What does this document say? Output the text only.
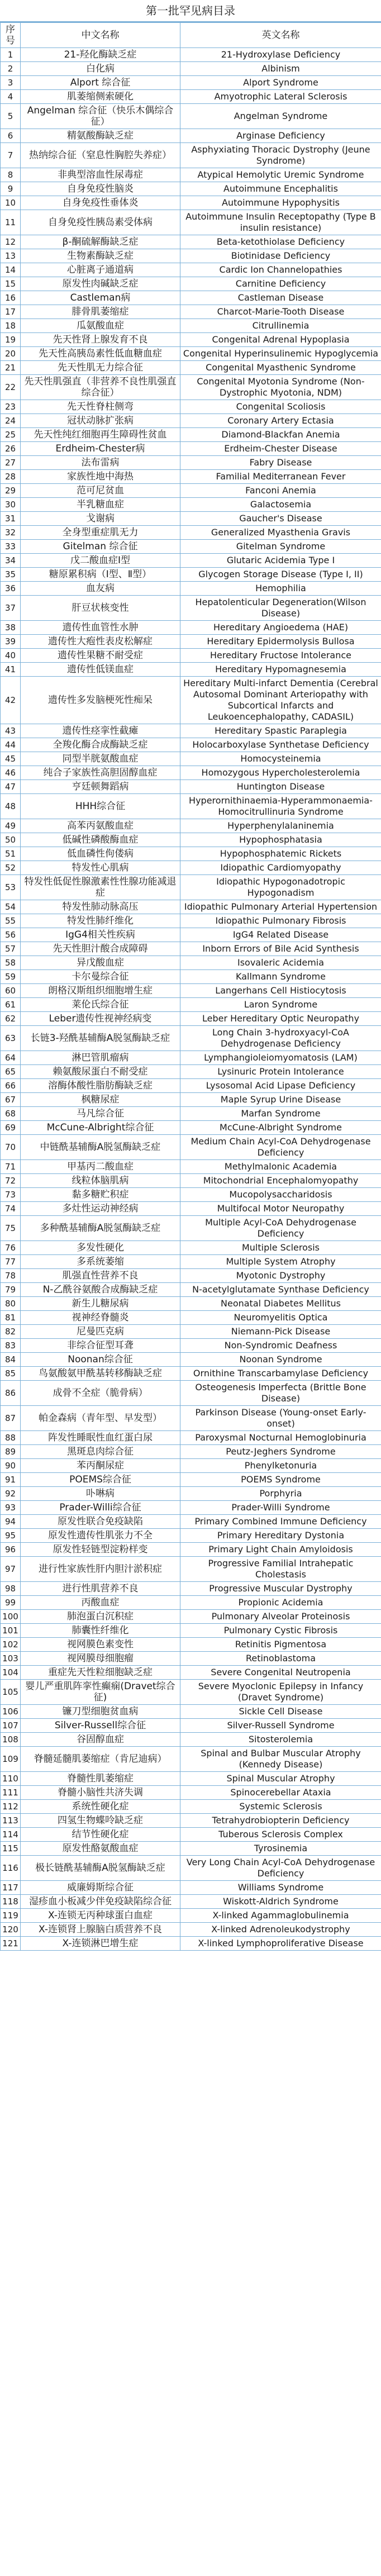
第一批罕见病目录
序号	中文名称	英文名称
1	21-羟化酶缺乏症	21-Hydroxylase Deficiency
2	白化病	Albinism
3	Alport 综合征	Alport Syndrome
4	肌萎缩侧索硬化	Amyotrophic Lateral Sclerosis
5	Angelman 综合征（快乐木偶综合征）	Angelman Syndrome
6	精氨酸酶缺乏症	Arginase Deficiency
7	热纳综合征（窒息性胸腔失养症）	Asphyxiating Thoracic Dystrophy (Jeune Syndrome)
8	非典型溶血性尿毒症	Atypical Hemolytic Uremic Syndrome
9	自身免疫性脑炎	Autoimmune Encephalitis
10	自身免疫性垂体炎	Autoimmune Hypophysitis
11	自身免疫性胰岛素受体病	Autoimmune Insulin Receptopathy (Type B insulin resistance)
12	β-酮硫解酶缺乏症	Beta-ketothiolase Deficiency
13	生物素酶缺乏症	Biotinidase Deficiency
14	心脏离子通道病	Cardic Ion Channelopathies
15	原发性肉碱缺乏症	Carnitine Deficiency
16	Castleman病	Castleman Disease
17	腓骨肌萎缩症	Charcot-Marie-Tooth Disease
18	瓜氨酸血症	Citrullinemia
19	先天性肾上腺发育不良	Congenital Adrenal Hypoplasia
20	先天性高胰岛素性低血糖血症	Congenital Hyperinsulinemic Hypoglycemia
21	先天性肌无力综合征	Congenital Myasthenic Syndrome
22	先天性肌强直（非营养不良性肌强直综合征）	Congenital Myotonia Syndrome (Non-Dystrophic Myotonia, NDM)
23	先天性脊柱侧弯	Congenital Scoliosis
24	冠状动脉扩张病	Coronary Artery Ectasia
25	先天性纯红细胞再生障碍性贫血	Diamond-Blackfan Anemia
26	Erdheim-Chester病	Erdheim-Chester Disease
27	法布雷病	Fabry Disease
28	家族性地中海热	Familial Mediterranean Fever
29	范可尼贫血	Fanconi Anemia
30	半乳糖血症	Galactosemia
31	戈谢病	Gaucher's Disease
32	全身型重症肌无力	Generalized Myasthenia Gravis
33	Gitelman 综合征	Gitelman Syndrome
34	戊二酸血症Ⅰ型	Glutaric Acidemia Type I
35	糖原累积病（Ⅰ型、Ⅱ型）	Glycogen Storage Disease (Type I, II)
36	血友病	Hemophilia
37	肝豆状核变性	Hepatolenticular Degeneration(Wilson Disease)
38	遗传性血管性水肿	Hereditary Angioedema (HAE)
39	遗传性大疱性表皮松解症	Hereditary Epidermolysis Bullosa
40	遗传性果糖不耐受症	Hereditary Fructose Intolerance
41	遗传性低镁血症	Hereditary Hypomagnesemia
42	遗传性多发脑梗死性痴呆	Hereditary Multi-infarct Dementia (Cerebral Autosomal Dominant Arteriopathy with Subcortical Infarcts and Leukoencephalopathy, CADASIL)
43	遗传性痉挛性截瘫	Hereditary Spastic Paraplegia
44	全羧化酶合成酶缺乏症	Holocarboxylase Synthetase Deficiency
45	同型半胱氨酸血症	Homocysteinemia
46	纯合子家族性高胆固醇血症	Homozygous Hypercholesterolemia
47	亨廷顿舞蹈病	Huntington Disease
48	HHH综合征	Hyperornithinaemia-Hyperammonaemia-Homocitrullinuria Syndrome
49	高苯丙氨酸血症	Hyperphenylalaninemia
50	低碱性磷酸酶血症	Hypophosphatasia
51	低血磷性佝偻病	Hypophosphatemic Rickets
52	特发性心肌病	Idiopathic Cardiomyopathy
53	特发性低促性腺激素性性腺功能减退症	Idiopathic Hypogonadotropic Hypogonadism
54	特发性肺动脉高压	Idiopathic Pulmonary Arterial Hypertension
55	特发性肺纤维化	Idiopathic Pulmonary Fibrosis
56	IgG4相关性疾病	IgG4 Related Disease
57	先天性胆汁酸合成障碍	Inborn Errors of Bile Acid Synthesis
58	异戊酸血症	Isovaleric Acidemia
59	卡尔曼综合征	Kallmann Syndrome
60	朗格汉斯组织细胞增生症	Langerhans Cell Histiocytosis
61	莱伦氏综合征	Laron Syndrome
62	Leber遗传性视神经病变	Leber Hereditary Optic Neuropathy
63	长链3-羟酰基辅酶A脱氢酶缺乏症	Long Chain 3-hydroxyacyl-CoA Dehydrogenase Deficiency
64	淋巴管肌瘤病	Lymphangioleiomyomatosis (LAM)
65	赖氨酸尿蛋白不耐受症	Lysinuric Protein Intolerance
66	溶酶体酸性脂肪酶缺乏症	Lysosomal Acid Lipase Deficiency
67	枫糖尿症	Maple Syrup Urine Disease
68	马凡综合征	Marfan Syndrome
69	McCune-Albright综合征	McCune-Albright Syndrome
70	中链酰基辅酶A脱氢酶缺乏症	Medium Chain Acyl-CoA Dehydrogenase Deficiency
71	甲基丙二酸血症	Methylmalonic Academia
72	线粒体脑肌病	Mitochondrial Encephalomyopathy
73	黏多糖贮积症	Mucopolysaccharidosis
74	多灶性运动神经病	Multifocal Motor Neuropathy
75	多种酰基辅酶A脱氢酶缺乏症	Multiple Acyl-CoA Dehydrogenase Deficiency
76	多发性硬化	Multiple Sclerosis
77	多系统萎缩	Multiple System Atrophy
78	肌强直性营养不良	Myotonic Dystrophy
79	N-乙酰谷氨酸合成酶缺乏症	N-acetylglutamate Synthase Deficiency
80	新生儿糖尿病	Neonatal Diabetes Mellitus
81	视神经脊髓炎	Neuromyelitis Optica
82	尼曼匹克病	Niemann-Pick Disease
83	非综合征型耳聋	Non-Syndromic Deafness
84	Noonan综合征	Noonan Syndrome
85	鸟氨酸氨甲酰基转移酶缺乏症	Ornithine Transcarbamylase Deficiency
86	成骨不全症（脆骨病）	Osteogenesis Imperfecta (Brittle Bone Disease)
87	帕金森病（青年型、早发型）	Parkinson Disease (Young-onset Early-onset)
88	阵发性睡眠性血红蛋白尿	Paroxysmal Nocturnal Hemoglobinuria
89	黑斑息肉综合征	Peutz-Jeghers Syndrome
90	苯丙酮尿症	Phenylketonuria
91	POEMS综合征	POEMS Syndrome
92	卟啉病	Porphyria
93	Prader-Willi综合征	Prader-Willi Syndrome
94	原发性联合免疫缺陷	Primary Combined Immune Deficiency
95	原发性遗传性肌张力不全	Primary Hereditary Dystonia
96	原发性轻链型淀粉样变	Primary Light Chain Amyloidosis
97	进行性家族性肝内胆汁淤积症	Progressive Familial Intrahepatic Cholestasis
98	进行性肌营养不良	Progressive Muscular Dystrophy
99	丙酸血症	Propionic Acidemia
100	肺泡蛋白沉积症	Pulmonary Alveolar Proteinosis
101	肺囊性纤维化	Pulmonary Cystic Fibrosis
102	视网膜色素变性	Retinitis Pigmentosa
103	视网膜母细胞瘤	Retinoblastoma
104	重症先天性粒细胞缺乏症	Severe Congenital Neutropenia
105	婴儿严重肌阵挛性癫痫(Dravet综合征)	Severe Myoclonic Epilepsy in Infancy (Dravet Syndrome)
106	镰刀型细胞贫血病	Sickle Cell Disease
107	Silver-Russell综合征	Silver-Russell Syndrome
108	谷固醇血症	Sitosterolemia
109	脊髓延髓肌萎缩症（肯尼迪病）	Spinal and Bulbar Muscular Atrophy (Kennedy Disease)
110	脊髓性肌萎缩症	Spinal Muscular Atrophy
111	脊髓小脑性共济失调	Spinocerebellar Ataxia
112	系统性硬化症	Systemic Sclerosis
113	四氢生物蝶呤缺乏症	Tetrahydrobiopterin Deficiency
114	结节性硬化症	Tuberous Sclerosis Complex
115	原发性酪氨酸血症	Tyrosinemia
116	极长链酰基辅酶A脱氢酶缺乏症	Very Long Chain Acyl-CoA Dehydrogenase Deficiency
117	威廉姆斯综合征	Williams Syndrome
118	湿疹血小板减少伴免疫缺陷综合征	Wiskott-Aldrich Syndrome
119	X-连锁无丙种球蛋白血症	X-linked Agammaglobulinemia
120	X-连锁肾上腺脑白质营养不良	X-linked Adrenoleukodystrophy
121	X-连锁淋巴增生症	X-linked Lymphoproliferative Disease
